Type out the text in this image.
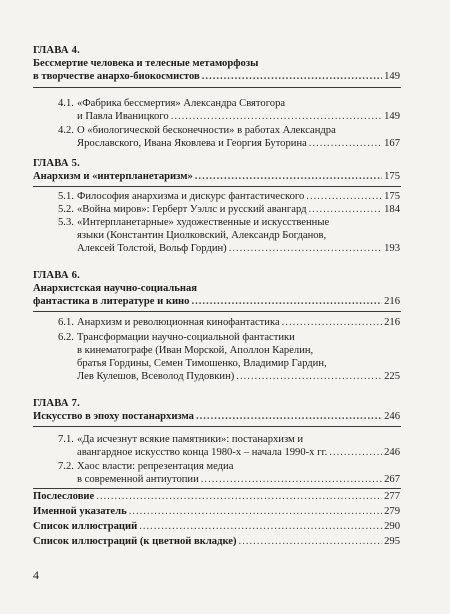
ГЛАВА 4.
Бессмертие человека и телесные метаморфозы
в творчестве анархо-биокосмистов .....	149
4.1. «Фабрика бессмертия» Александра Святогора
и Павла Иваницкого .....	149
4.2. О «биологической бесконечности» в работах Александра
Ярославского, Ивана Яковлева и Георгия Буторина .....	167
ГЛАВА 5.
Анархизм и «интерпланетаризм» .....	175
5.1. Философия анархизма и дискурс фантастического .....	175
5.2. «Война миров»: Герберт Уэллс и русский авангард .....	184
5.3. «Интерпланетарные» художественные и искусственные
языки (Константин Циолковский, Александр Богданов,
Алексей Толстой, Вольф Гордин) .....	193
ГЛАВА 6.
Анархистская научно-социальная
фантастика в литературе и кино .....	216
6.1. Анархизм и революционная кинофантастика .....	216
6.2. Трансформации научно-социальной фантастики
в кинематографе (Иван Морской, Аполлон Карелин,
братья Гордины, Семен Тимошенко, Владимир Гардин,
Лев Кулешов, Всеволод Пудовкин) .....	225
ГЛАВА 7.
Искусство в эпоху постанархизма .....	246
7.1. «Да исчезнут всякие памятники»: постанархизм и
авангардное искусство конца 1980-х – начала 1990-х гг. .....	246
7.2. Хаос власти: репрезентация медиа
в современной антиутопии .....	267
Послесловие .....	277
Именной указатель .....	279
Список иллюстраций .....	290
Список иллюстраций (к цветной вкладке) .....	295
4
